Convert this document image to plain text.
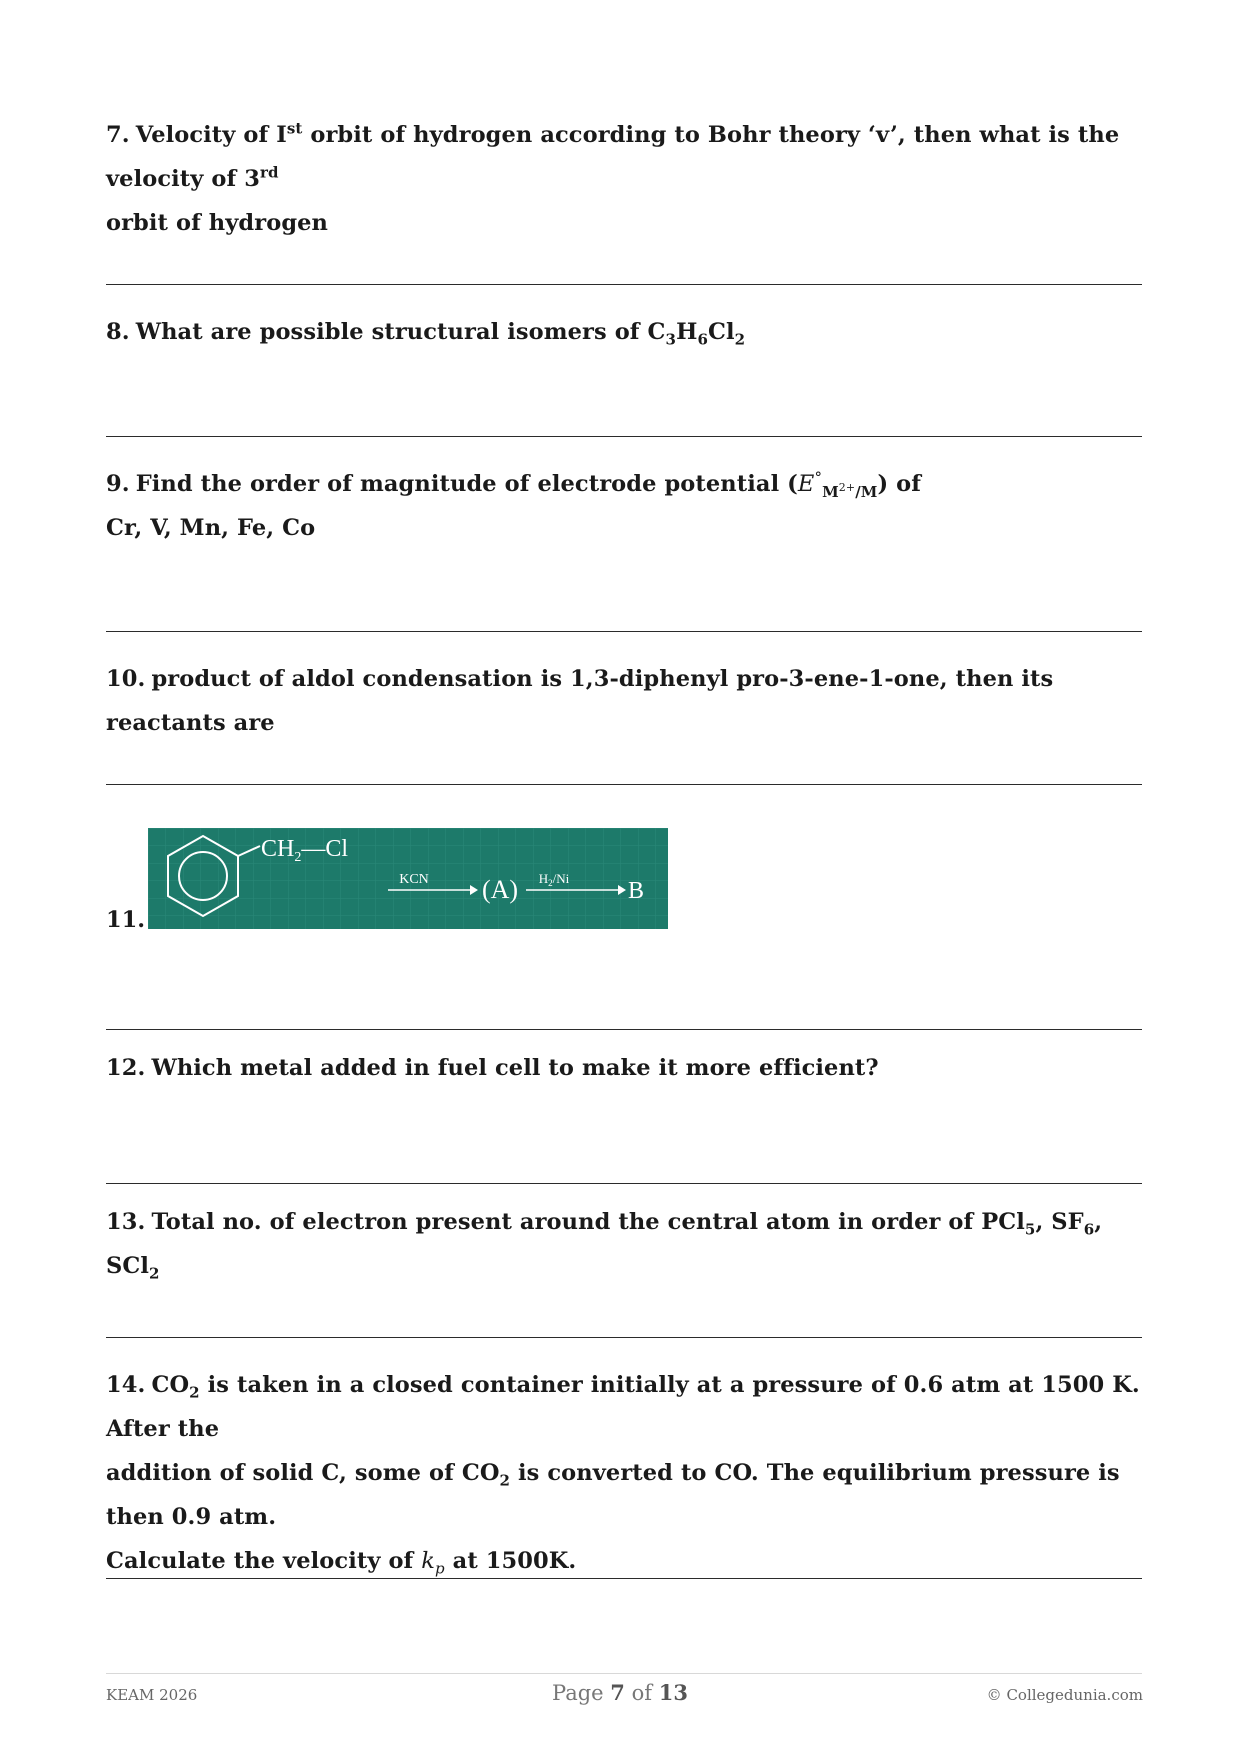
7. Velocity of Ist orbit of hydrogen according to Bohr theory ‘v’, then what is the velocity of 3rd
orbit of hydrogen
8. What are possible structural isomers of $C_3H_6Cl_2$
9. Find the order of magnitude of electrode potential $(E^\circ_{M^{2+}/M})$ of
Cr, V, Mn, Fe, Co
10. product of aldol condensation is 1,3-diphenyl pro-3-ene-1-one, then its reactants are
11.
$CH_2—Cl$
KCN (A) $H_2/Ni$ B
12. Which metal added in fuel cell to make it more efficient?
13. Total no. of electron present around the central atom in order of PCl$_5$, $SF_6$, SCl$_2$
14. $CO_2$ is taken in a closed container initially at a pressure of 0.6 atm at 1500 K. After the
addition of solid C, some of $CO_2$ is converted to CO. The equilibrium pressure is then 0.9 atm.
Calculate the velocity of $k_p$ at 1500K.
KEAM 2026	Page 7 of 13	© Collegedunia.com
